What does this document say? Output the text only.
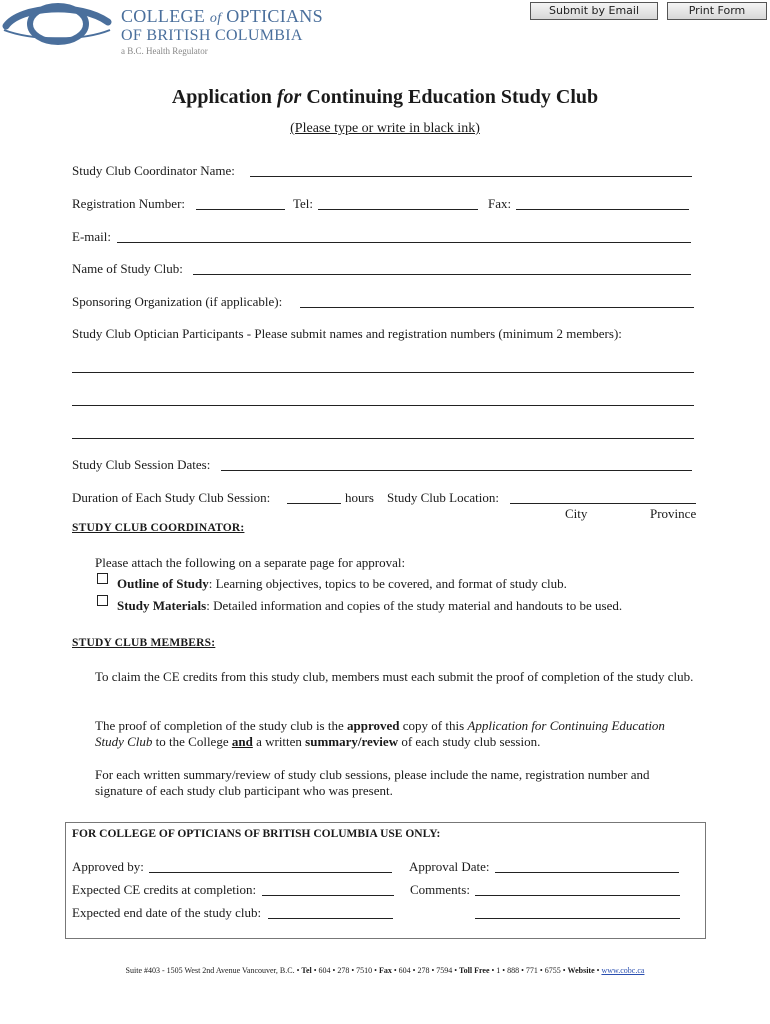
Submit by Email	Print Form
COLLEGE of OPTICIANS
OF BRITISH COLUMBIA
a B.C. Health Regulator
Application for Continuing Education Study Club
(Please type or write in black ink)
Study Club Coordinator Name:
Registration Number:	Tel:	Fax:
E-mail:
Name of Study Club:
Sponsoring Organization (if applicable):
Study Club Optician Participants - Please submit names and registration numbers (minimum 2 members):
Study Club Session Dates:
Duration of Each Study Club Session:	hours Study Club Location:
City	Province
STUDY CLUB COORDINATOR:
Please attach the following on a separate page for approval:
Outline of Study: Learning objectives, topics to be covered, and format of study club.
Study Materials: Detailed information and copies of the study material and handouts to be used.
STUDY CLUB MEMBERS:
To claim the CE credits from this study club, members must each submit the proof of completion of the study club.
The proof of completion of the study club is the approved copy of this Application for Continuing Education Study Club to the College and a written summary/review of each study club session.
For each written summary/review of study club sessions, please include the name, registration number and signature of each study club participant who was present.
FOR COLLEGE OF OPTICIANS OF BRITISH COLUMBIA USE ONLY:
Approved by:	Approval Date:
Expected CE credits at completion:	Comments:
Expected end date of the study club:
Suite #403 - 1505 West 2nd Avenue Vancouver, B.C. • Tel • 604 • 278 • 7510 • Fax • 604 • 278 • 7594 • Toll Free • 1 • 888 • 771 • 6755 • Website • www.cobc.ca
